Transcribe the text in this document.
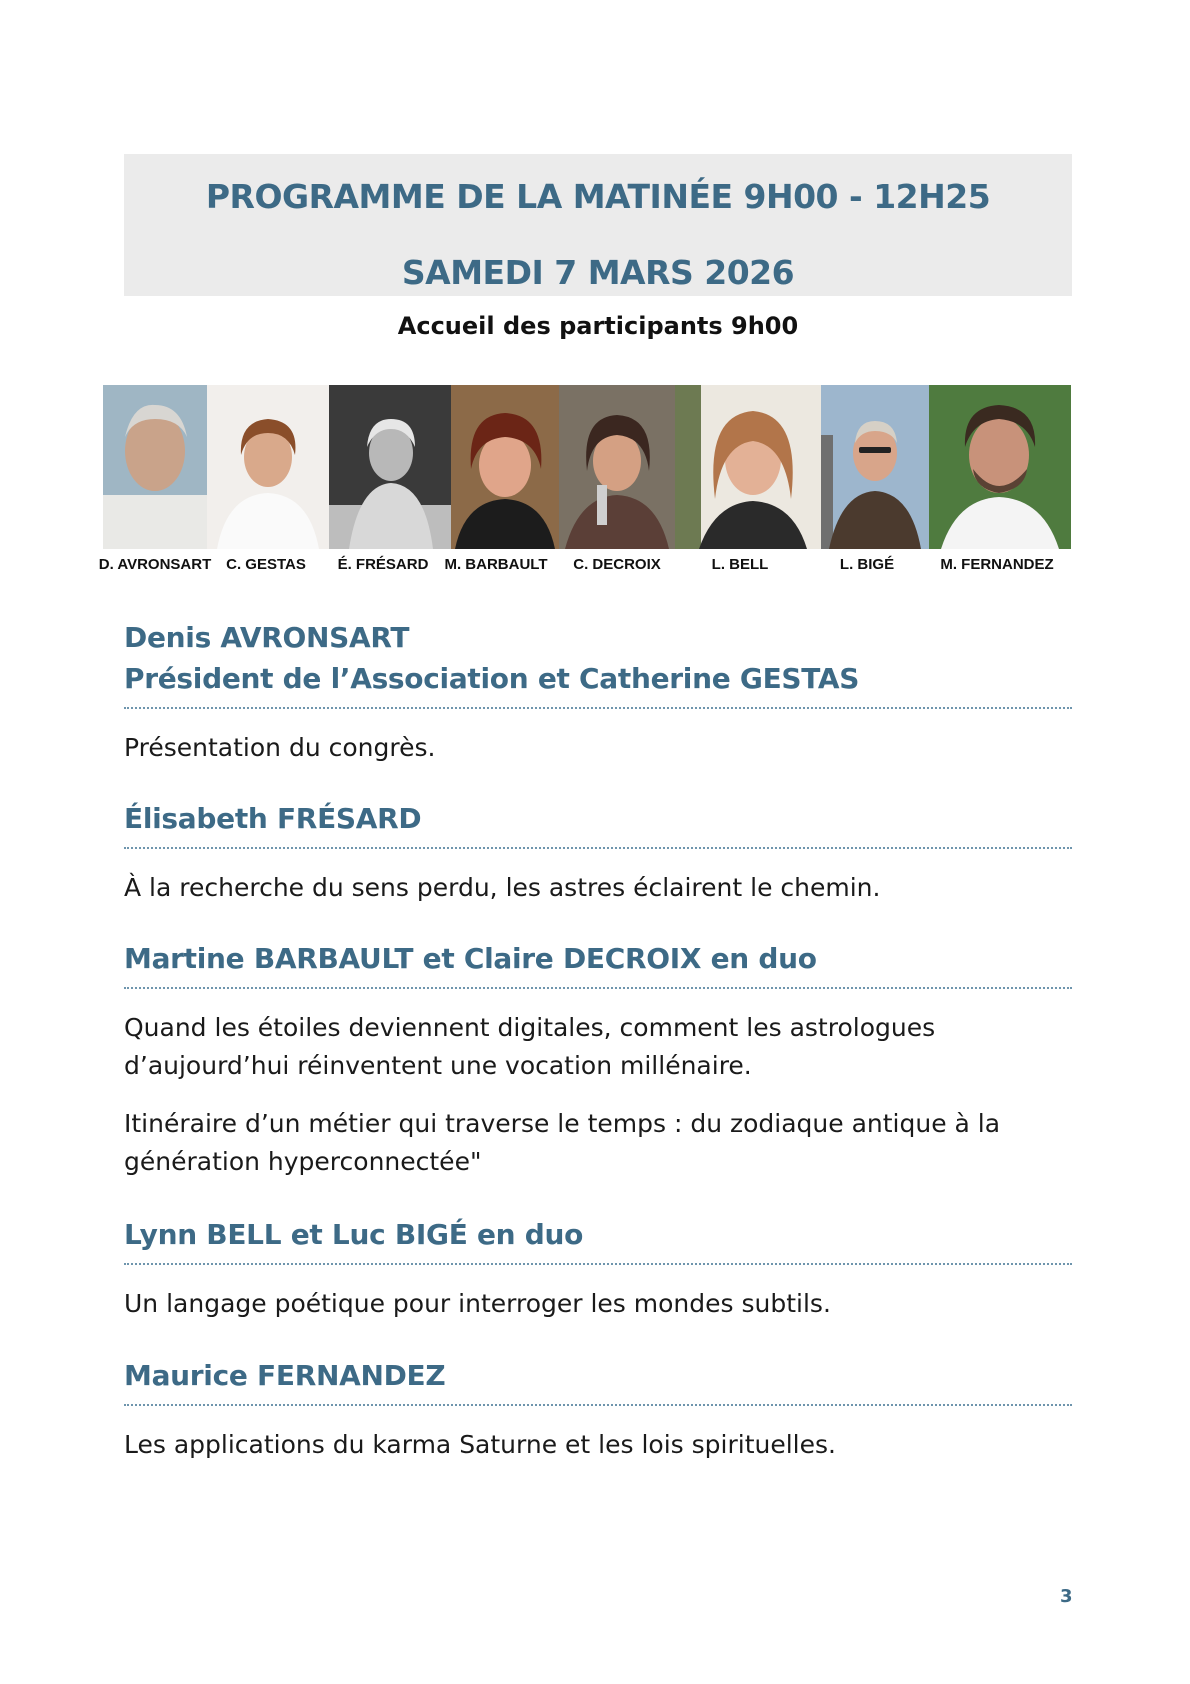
PROGRAMME DE LA MATINÉE 9H00 - 12H25
SAMEDI 7 MARS 2026
Accueil des participants 9h00
D. AVRONSART C. GESTAS É. FRÉSARD M. BARBAULT C. DECROIX	L. BELL	L. BIGÉ	M. FERNANDEZ
Denis AVRONSART
Président de l’Association et Catherine GESTAS
Présentation du congrès.
Élisabeth FRÉSARD
À la recherche du sens perdu, les astres éclairent le chemin.
Martine BARBAULT et Claire DECROIX en duo
Quand les étoiles deviennent digitales, comment les astrologues d’aujourd’hui réinventent une vocation millénaire.
Itinéraire d’un métier qui traverse le temps : du zodiaque antique à la génération hyperconnectée"
Lynn BELL et Luc BIGÉ en duo
Un langage poétique pour interroger les mondes subtils.
Maurice FERNANDEZ
Les applications du karma Saturne et les lois spirituelles.
3
